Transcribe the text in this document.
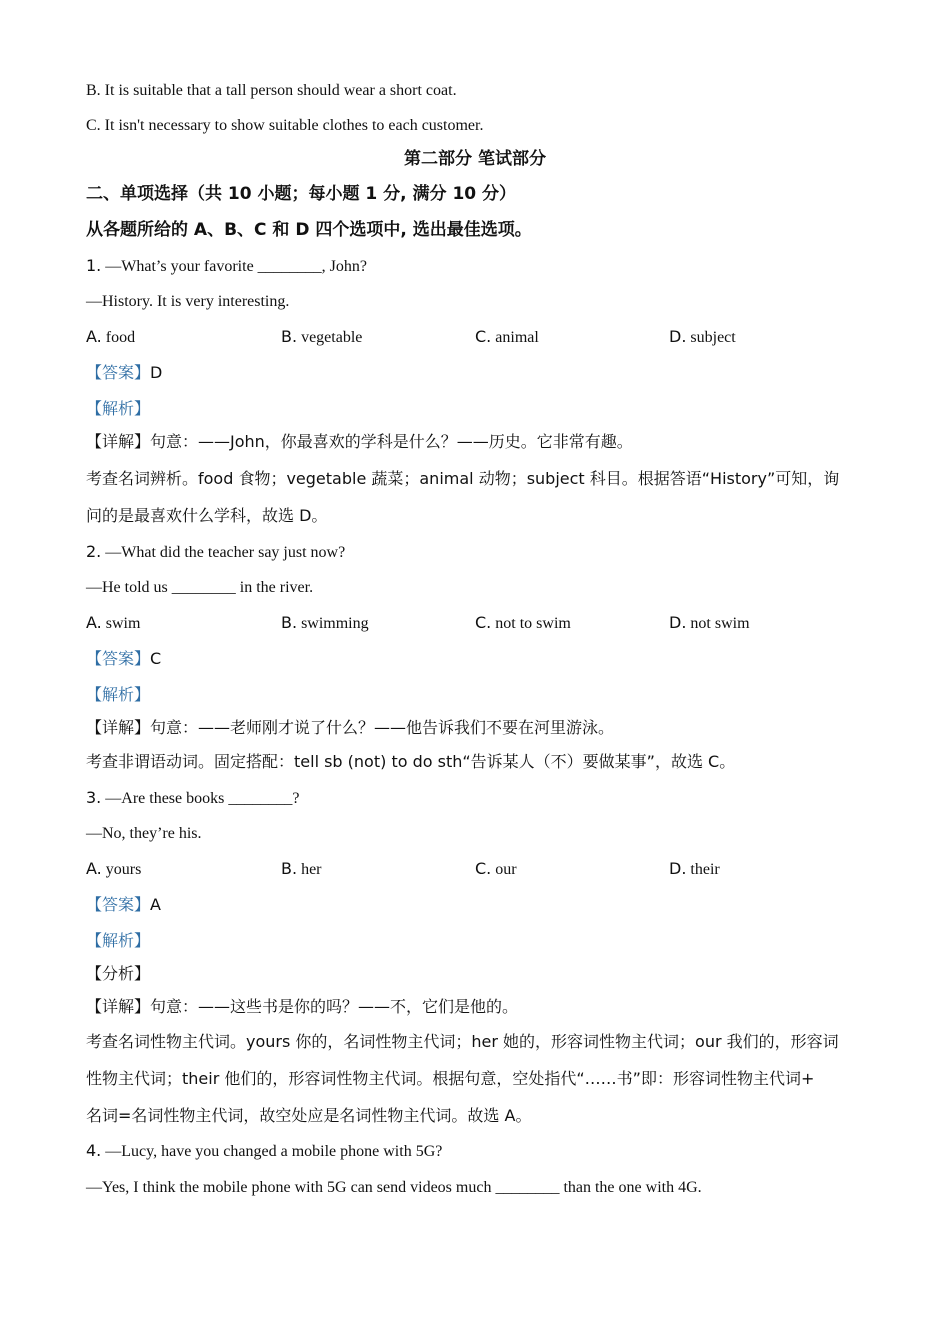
B. It is suitable that a tall person should wear a short coat.
C. It isn't necessary to show suitable clothes to each customer.
第二部分 笔试部分
二、单项选择（共 10 小题；每小题 1 分, 满分 10 分）
从各题所给的 A、B、C 和 D 四个选项中, 选出最佳选项。
1. —What’s your favorite ________, John?
—History. It is very interesting.
A. food	B. vegetable	C. animal	D. subject
【答案】D
【解析】
【详解】句意：——John，你最喜欢的学科是什么？——历史。它非常有趣。
考查名词辨析。food 食物；vegetable 蔬菜；animal 动物；subject 科目。根据答语“History”可知，询
问的是最喜欢什么学科，故选 D。
2. —What did the teacher say just now?
—He told us ________ in the river.
A. swim	B. swimming	C. not to swim	D. not swim
【答案】C
【解析】
【详解】句意：——老师刚才说了什么？——他告诉我们不要在河里游泳。
考查非谓语动词。固定搭配：tell sb (not) to do sth“告诉某人（不）要做某事”，故选 C。
3. —Are these books ________?
—No, they’re his.
A. yours	B. her	C. our	D. their
【答案】A
【解析】
【分析】
【详解】句意：——这些书是你的吗？——不，它们是他的。
考查名词性物主代词。yours 你的，名词性物主代词；her 她的，形容词性物主代词；our 我们的，形容词
性物主代词；their 他们的，形容词性物主代词。根据句意，空处指代“……书”即：形容词性物主代词+
名词=名词性物主代词，故空处应是名词性物主代词。故选 A。
4. —Lucy, have you changed a mobile phone with 5G?
—Yes, I think the mobile phone with 5G can send videos much ________ than the one with 4G.
